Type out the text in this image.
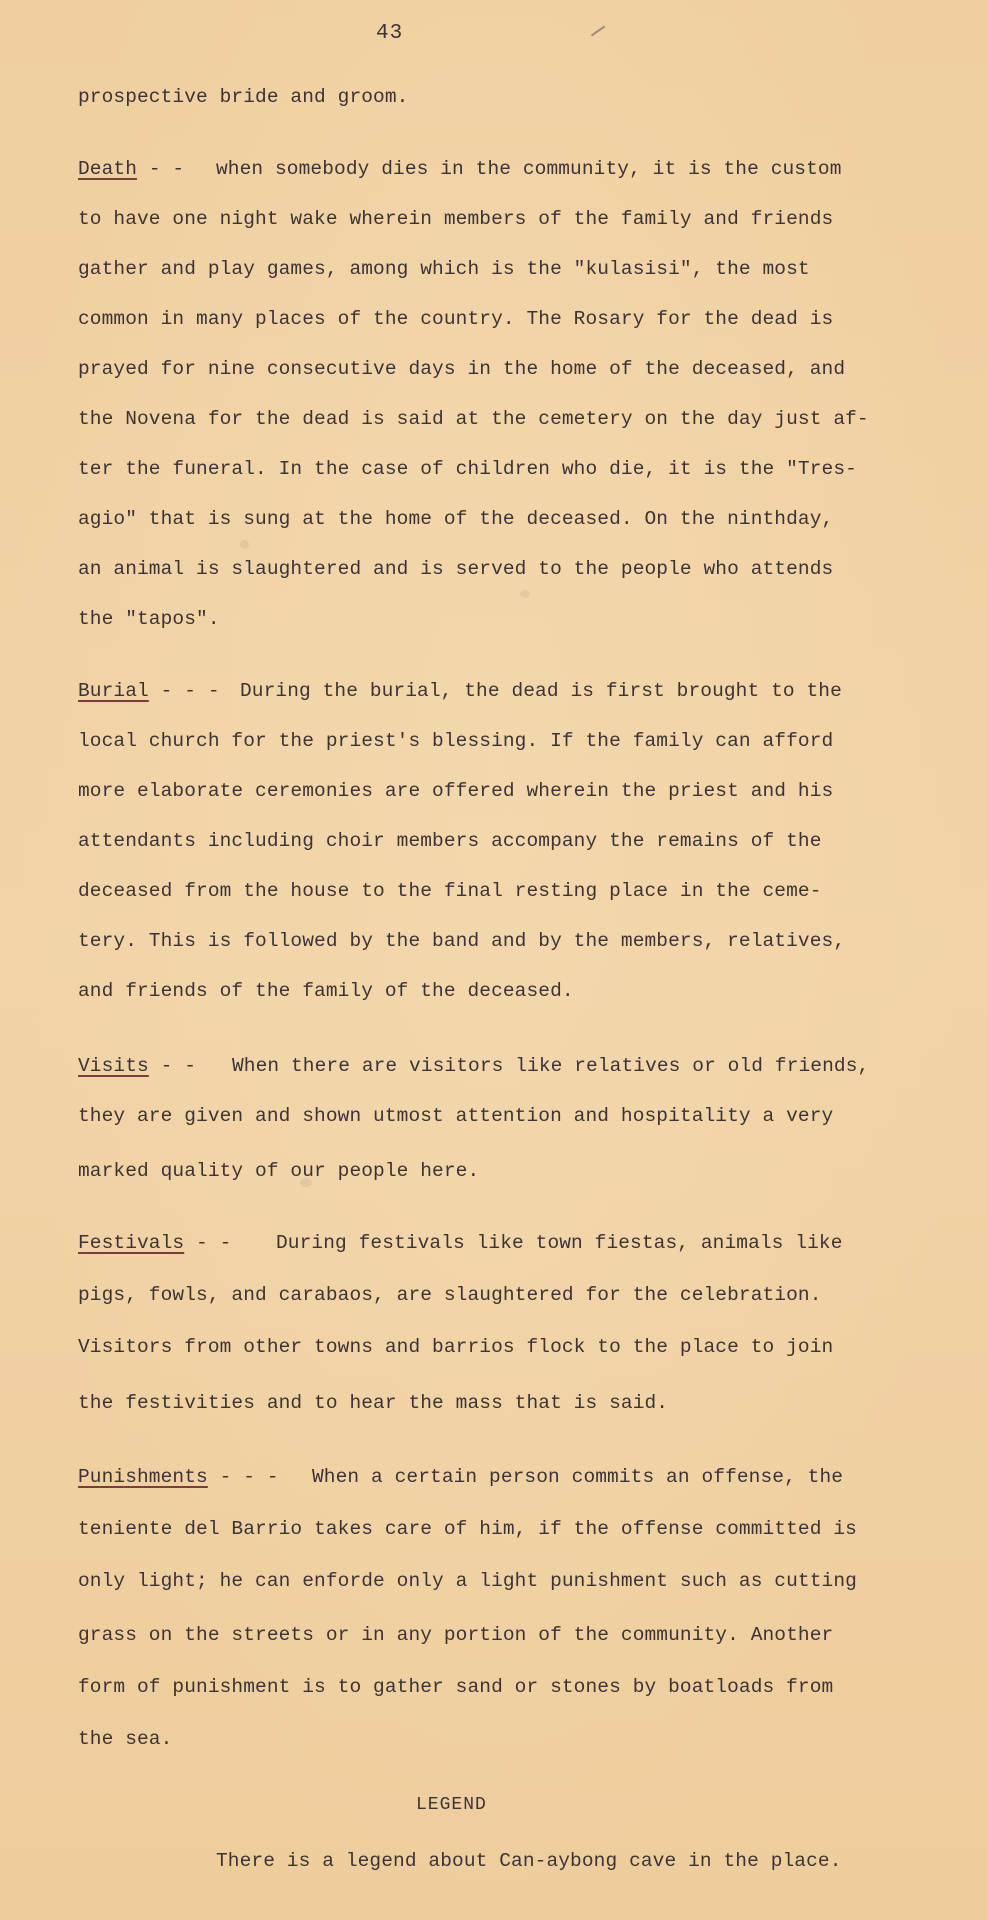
43
prospective bride and groom.
Death - - when somebody dies in the community, it is the custom
to have one night wake wherein members of the family and friends
gather and play games, among which is the "kulasisi", the most
common in many places of the country. The Rosary for the dead is
prayed for nine consecutive days in the home of the deceased, and
the Novena for the dead is said at the cemetery on the day just af-
ter the funeral. In the case of children who die, it is the "Tres-
agio" that is sung at the home of the deceased. On the ninthday,
an animal is slaughtered and is served to the people who attends
the "tapos".
Burial - - - During the burial, the dead is first brought to the
local church for the priest's blessing. If the family can afford
more elaborate ceremonies are offered wherein the priest and his
attendants including choir members accompany the remains of the
deceased from the house to the final resting place in the ceme-
tery. This is followed by the band and by the members, relatives,
and friends of the family of the deceased.
Visits - - When there are visitors like relatives or old friends,
they are given and shown utmost attention and hospitality a very
marked quality of our people here.
Festivals - - During festivals like town fiestas, animals like
pigs, fowls, and carabaos, are slaughtered for the celebration.
Visitors from other towns and barrios flock to the place to join
the festivities and to hear the mass that is said.
Punishments - - - When a certain person commits an offense, the
teniente del Barrio takes care of him, if the offense committed is
only light; he can enforde only a light punishment such as cutting
grass on the streets or in any portion of the community. Another
form of punishment is to gather sand or stones by boatloads from
the sea.
LEGEND
There is a legend about Can-aybong cave in the place.
